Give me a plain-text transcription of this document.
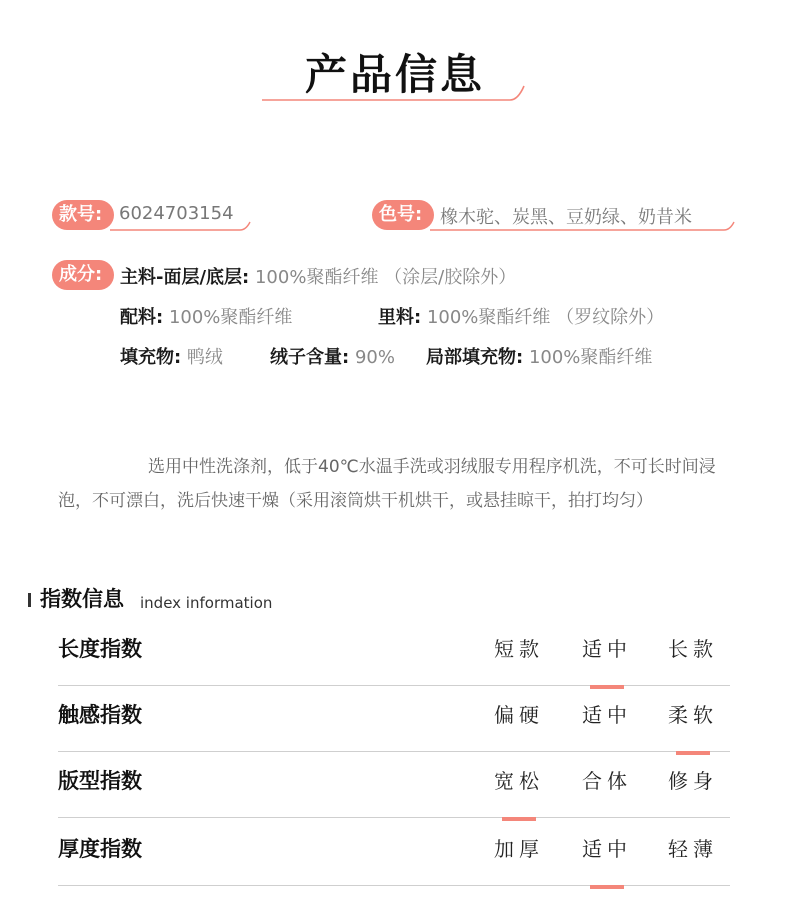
产品信息
款号: 6024703154	色号: 橡木驼、炭黑、豆奶绿、奶昔米
成分: 主料-面层/底层: 100%聚酯纤维 （涂层/胶除外）
配料: 100%聚酯纤维	里料: 100%聚酯纤维 （罗纹除外）
填充物: 鸭绒	绒子含量: 90% 局部填充物: 100%聚酯纤维
选用中性洗涤剂，低于40℃水温手洗或羽绒服专用程序机洗，不可长时间浸泡，不可漂白，洗后快速干燥（采用滚筒烘干机烘干，或悬挂晾干，拍打均匀）
指数信息 index information
长度指数	短款	适中	长款
触感指数	偏硬	适中	柔软
版型指数	宽松	合体	修身
厚度指数	加厚	适中	轻薄
